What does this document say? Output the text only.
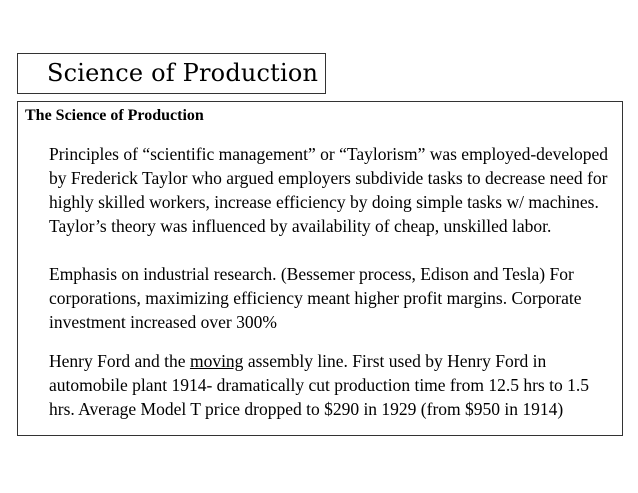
Science of Production
The Science of Production

Principles of “scientific management” or “Taylorism” was employed-developed by Frederick Taylor who argued employers subdivide tasks to decrease need for highly skilled workers, increase efficiency by doing simple tasks w/ machines. Taylor’s theory was influenced by availability of cheap, unskilled labor.

Emphasis on industrial research. (Bessemer process, Edison and Tesla) For corporations, maximizing efficiency meant higher profit margins. Corporate investment increased over 300%

Henry Ford and the moving assembly line. First used by Henry Ford in automobile plant 1914- dramatically cut production time from 12.5 hrs to 1.5 hrs. Average Model T price dropped to $290 in 1929 (from $950 in 1914)
